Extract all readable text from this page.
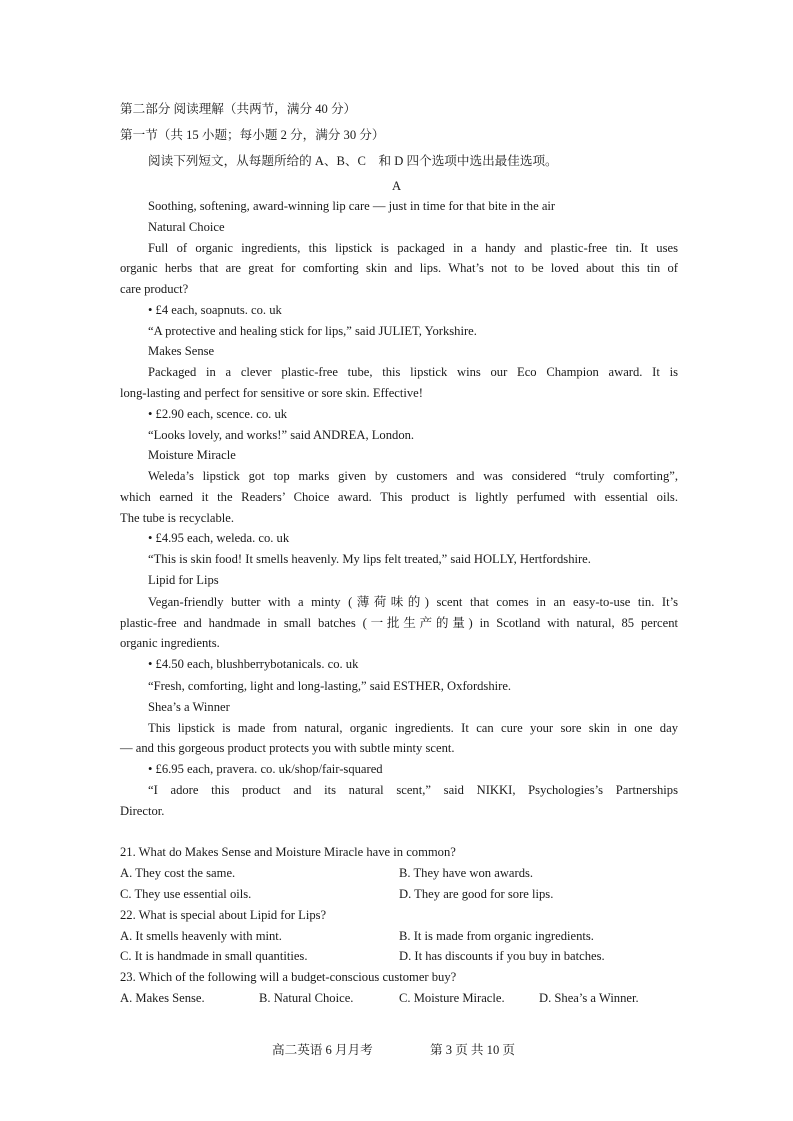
第二部分 阅读理解（共两节，满分 40 分）
第一节（共 15 小题；每小题 2 分，满分 30 分）
阅读下列短文，从每题所给的 A、B、C　和 D 四个选项中选出最佳选项。
A
Soothing, softening, award-winning lip care — just in time for that bite in the air
Natural Choice
Full of organic ingredients, this lipstick is packaged in a handy and plastic-free tin. It uses
organic herbs that are great for comforting skin and lips. What’s not to be loved about this tin of
care product?
• £4 each, soapnuts. co. uk
“A protective and healing stick for lips,” said JULIET, Yorkshire.
Makes Sense
Packaged in a clever plastic-free tube, this lipstick wins our Eco Champion award. It is
long-lasting and perfect for sensitive or sore skin. Effective!
• £2.90 each, scence. co. uk
“Looks lovely, and works!” said ANDREA, London.
Moisture Miracle
Weleda’s lipstick got top marks given by customers and was considered “truly comforting”,
which earned it the Readers’ Choice award. This product is lightly perfumed with essential oils.
The tube is recyclable.
• £4.95 each, weleda. co. uk
“This is skin food! It smells heavenly. My lips felt treated,” said HOLLY, Hertfordshire.
Lipid for Lips
Vegan-friendly butter with a minty (薄荷味的) scent that comes in an easy-to-use tin. It’s
plastic-free and handmade in small batches (一批生产的量) in Scotland with natural, 85 percent
organic ingredients.
• £4.50 each, blushberrybotanicals. co. uk
“Fresh, comforting, light and long-lasting,” said ESTHER, Oxfordshire.
Shea’s a Winner
This lipstick is made from natural, organic ingredients. It can cure your sore skin in one day
— and this gorgeous product protects you with subtle minty scent.
• £6.95 each, pravera. co. uk/shop/fair-squared
“I adore this product and its natural scent,” said NIKKI, Psychologies’s Partnerships
Director.
21. What do Makes Sense and Moisture Miracle have in common?
A. They cost the same.	B. They have won awards.
C. They use essential oils.	D. They are good for sore lips.
22. What is special about Lipid for Lips?
A. It smells heavenly with mint.	B. It is made from organic ingredients.
C. It is handmade in small quantities.	D. It has discounts if you buy in batches.
23. Which of the following will a budget-conscious customer buy?
A. Makes Sense.	B. Natural Choice.	C. Moisture Miracle.	D. Shea’s a Winner.
高二英语 6 月月考	第 3 页 共 10 页
